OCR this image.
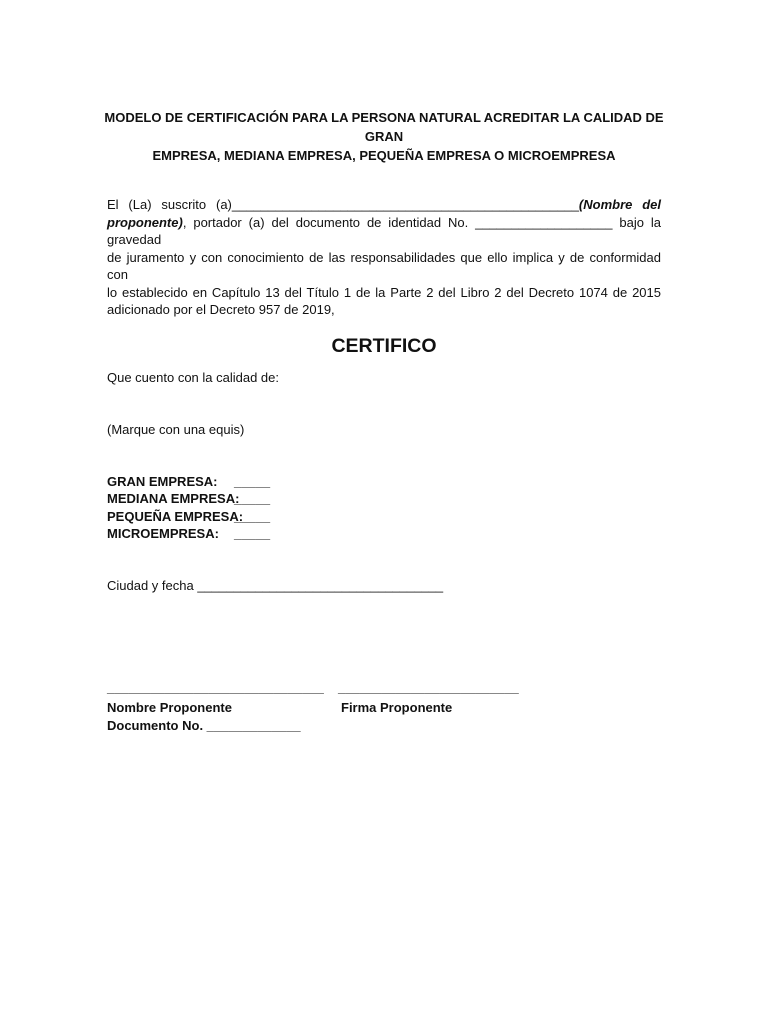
MODELO DE CERTIFICACIÓN PARA LA PERSONA NATURAL ACREDITAR LA CALIDAD DE GRAN
EMPRESA, MEDIANA EMPRESA, PEQUEÑA EMPRESA O MICROEMPRESA

El (La) suscrito (a)________________________________________________(Nombre del
proponente), portador (a) del documento de identidad No. ___________________ bajo la gravedad
de juramento y con conocimiento de las responsabilidades que ello implica y de conformidad con
lo establecido en Capítulo 13 del Título 1 de la Parte 2 del Libro 2 del Decreto 1074 de 2015
adicionado por el Decreto 957 de 2019,

CERTIFICO

Que cuento con la calidad de:

(Marque con una equis)

GRAN EMPRESA:

_____

MEDIANA EMPRESA:

_____

PEQUEÑA EMPRESA:

_____

MICROEMPRESA:

_____

Ciudad y fecha __________________________________

______________________________ _________________________
Nombre Proponente	Firma Proponente
Documento No. _____________
